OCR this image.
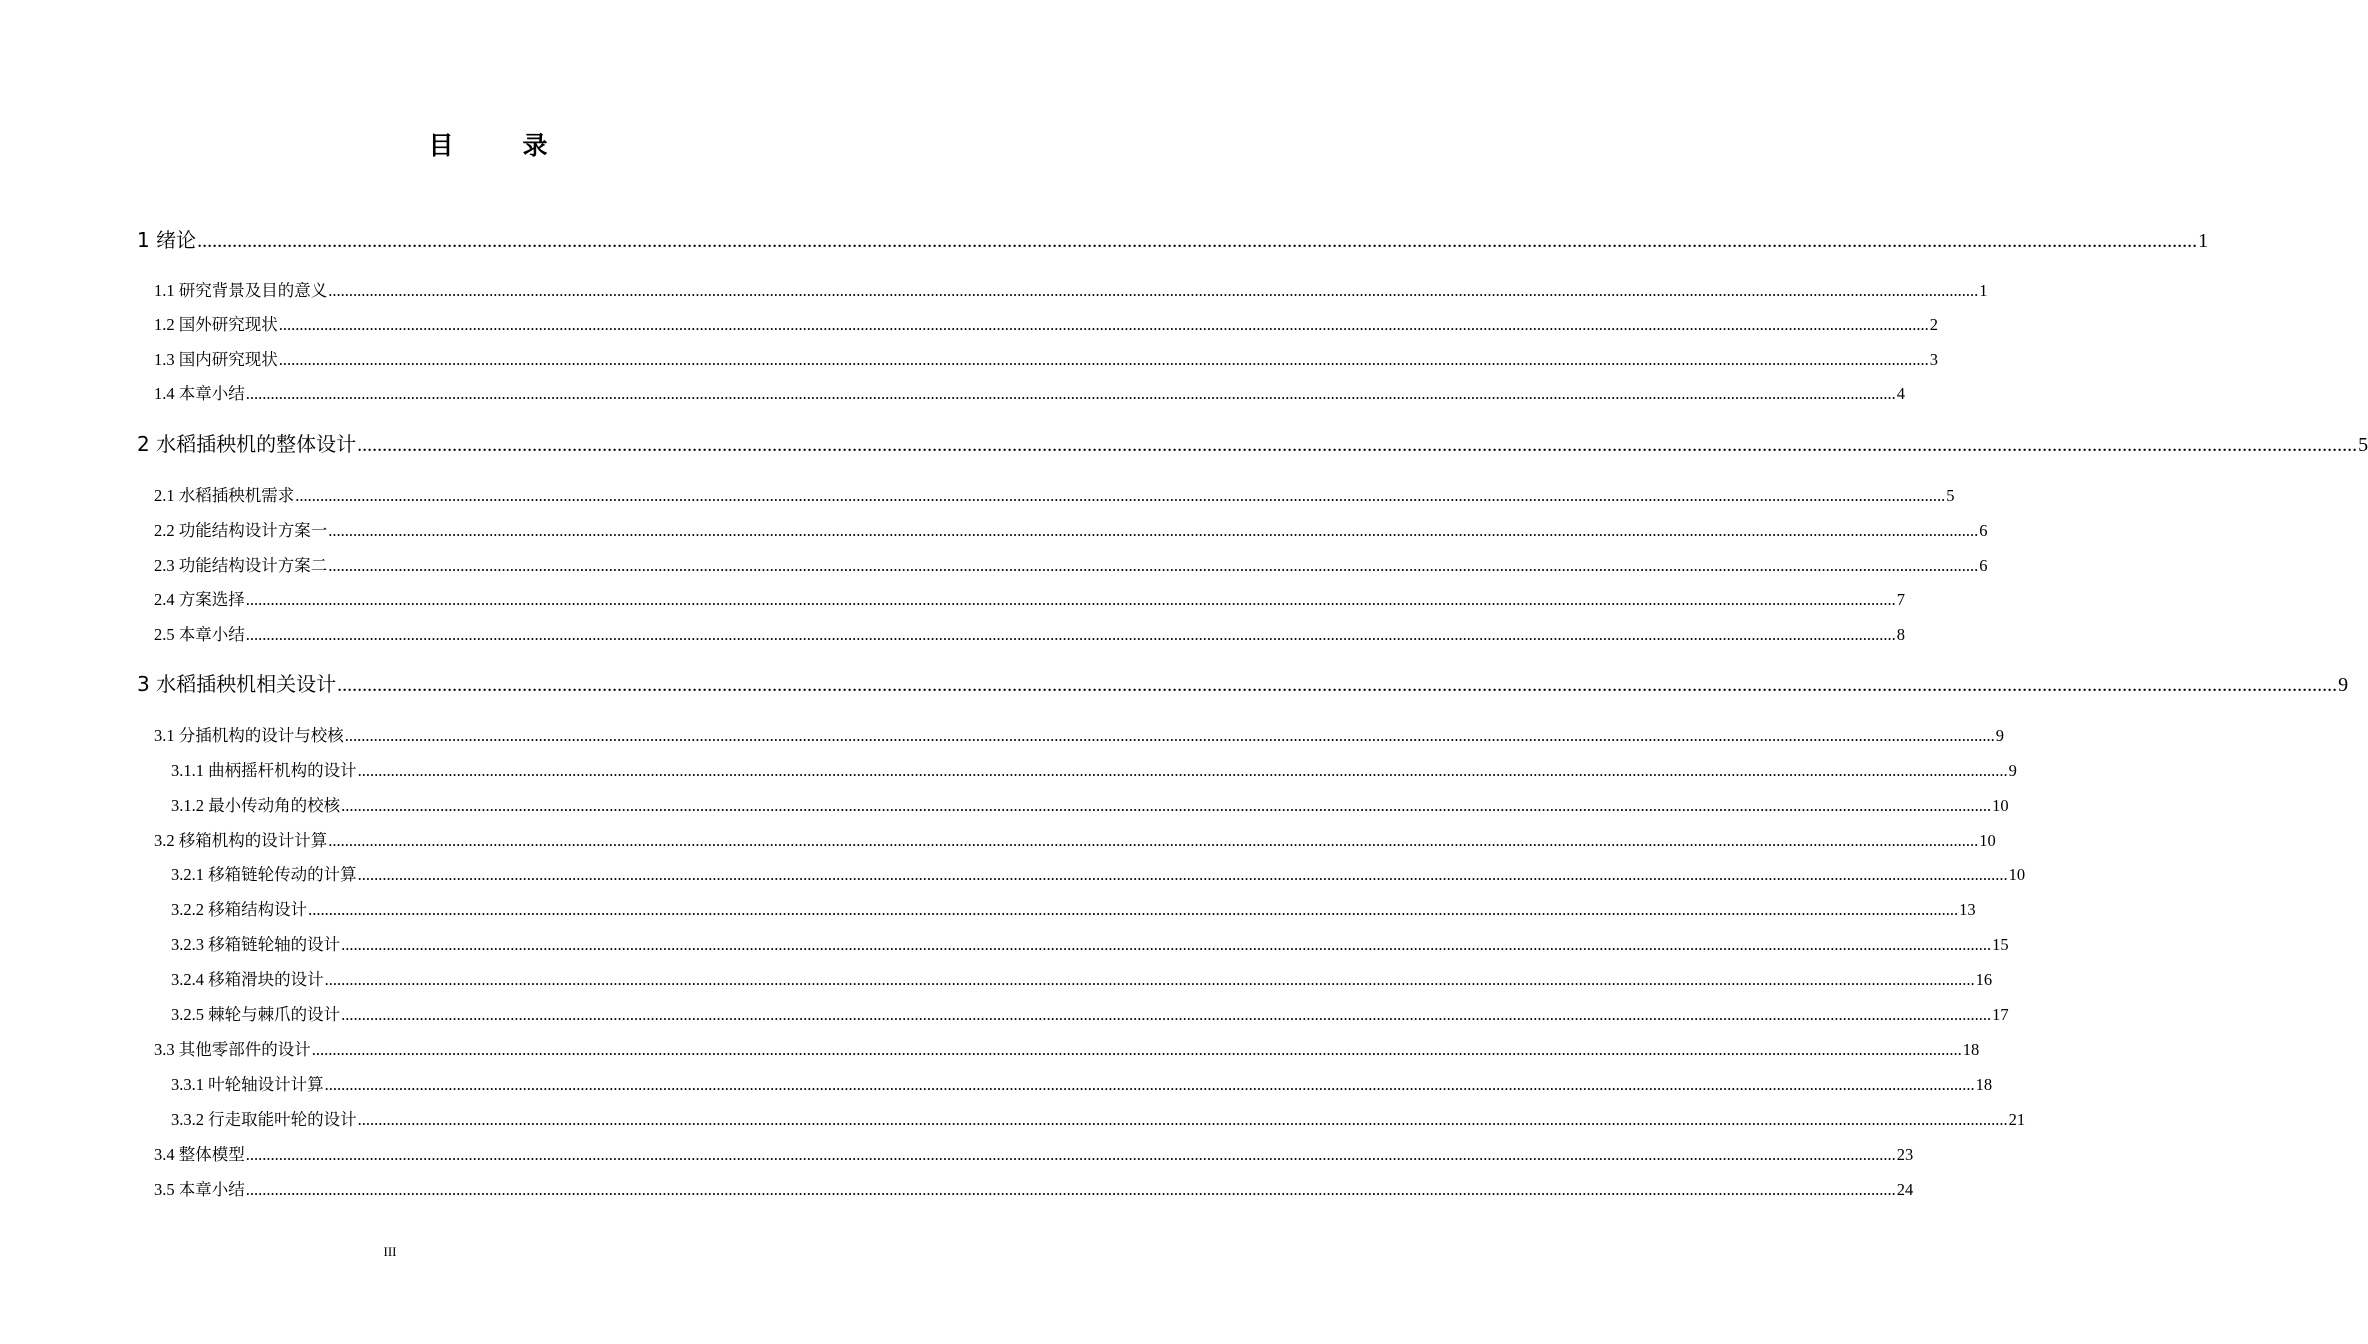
目　录
1 绪论 ................................................................................................................................................................................................................................................................................................................................................................................................................ 1
1.1 研究背景及目的意义 ................................................................................................................................................................................................................................................................................................................................................................................................................ 1
1.2 国外研究现状 ................................................................................................................................................................................................................................................................................................................................................................................................................ 2
1.3 国内研究现状 ................................................................................................................................................................................................................................................................................................................................................................................................................ 3
1.4 本章小结 ................................................................................................................................................................................................................................................................................................................................................................................................................ 4
2 水稻插秧机的整体设计 ................................................................................................................................................................................................................................................................................................................................................................................................................ 5
2.1 水稻插秧机需求 ................................................................................................................................................................................................................................................................................................................................................................................................................ 5
2.2 功能结构设计方案一 ................................................................................................................................................................................................................................................................................................................................................................................................................ 6
2.3 功能结构设计方案二 ................................................................................................................................................................................................................................................................................................................................................................................................................ 6
2.4 方案选择 ................................................................................................................................................................................................................................................................................................................................................................................................................ 7
2.5 本章小结 ................................................................................................................................................................................................................................................................................................................................................................................................................ 8
3 水稻插秧机相关设计 ................................................................................................................................................................................................................................................................................................................................................................................................................ 9
3.1 分插机构的设计与校核 ................................................................................................................................................................................................................................................................................................................................................................................................................ 9
3.1.1 曲柄摇杆机构的设计 ................................................................................................................................................................................................................................................................................................................................................................................................................ 9
3.1.2 最小传动角的校核 ................................................................................................................................................................................................................................................................................................................................................................................................................ 10
3.2 移箱机构的设计计算 ................................................................................................................................................................................................................................................................................................................................................................................................................ 10
3.2.1 移箱链轮传动的计算 ................................................................................................................................................................................................................................................................................................................................................................................................................ 10
3.2.2 移箱结构设计 ................................................................................................................................................................................................................................................................................................................................................................................................................ 13
3.2.3 移箱链轮轴的设计 ................................................................................................................................................................................................................................................................................................................................................................................................................ 15
3.2.4 移箱滑块的设计 ................................................................................................................................................................................................................................................................................................................................................................................................................ 16
3.2.5 棘轮与棘爪的设计 ................................................................................................................................................................................................................................................................................................................................................................................................................ 17
3.3 其他零部件的设计 ................................................................................................................................................................................................................................................................................................................................................................................................................ 18
3.3.1 叶轮轴设计计算 ................................................................................................................................................................................................................................................................................................................................................................................................................ 18
3.3.2 行走取能叶轮的设计 ................................................................................................................................................................................................................................................................................................................................................................................................................ 21
3.4 整体模型 ................................................................................................................................................................................................................................................................................................................................................................................................................ 23
3.5 本章小结 ................................................................................................................................................................................................................................................................................................................................................................................................................ 24
III
